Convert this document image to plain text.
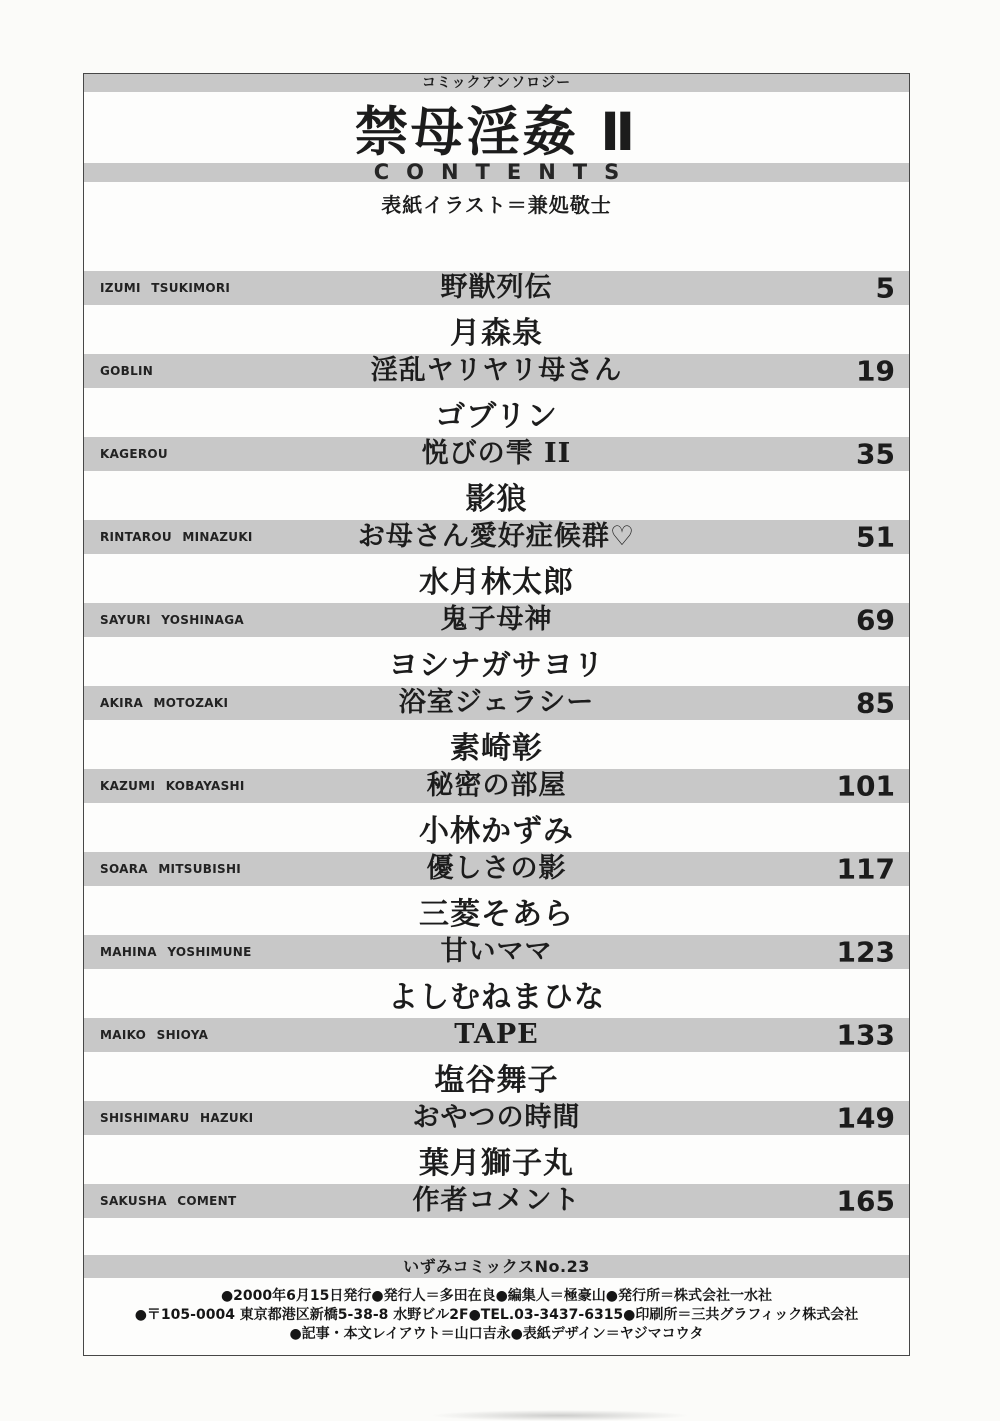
コミックアンソロジー
禁母淫姦 Ⅱ
CONTENTS
表紙イラスト＝兼処敬士
IZUMI TSUKIMORI	野獣列伝	5
月森泉
GOBLIN	淫乱ヤリヤリ母さん	19
ゴブリン
KAGEROU	悦びの雫 II	35
影狼
RINTAROU MINAZUKI	お母さん愛好症候群♡	51
水月林太郎
SAYURI YOSHINAGA	鬼子母神	69
ヨシナガサヨリ
AKIRA MOTOZAKI	浴室ジェラシー	85
素崎彰
KAZUMI KOBAYASHI	秘密の部屋	101
小林かずみ
SOARA MITSUBISHI	優しさの影	117
三菱そあら
MAHINA YOSHIMUNE	甘いママ	123
よしむねまひな
MAIKO SHIOYA	TAPE	133
塩谷舞子
SHISHIMARU HAZUKI	おやつの時間	149
葉月獅子丸
SAKUSHA COMENT	作者コメント	165
いずみコミックスNo.23
●2000年6月15日発行●発行人＝多田在良●編集人＝極豪山●発行所＝株式会社一水社
●〒105-0004 東京都港区新橋5-38-8 水野ビル2F●TEL.03-3437-6315●印刷所＝三共グラフィック株式会社
●記事・本文レイアウト＝山口吉永●表紙デザイン＝ヤジマコウタ
